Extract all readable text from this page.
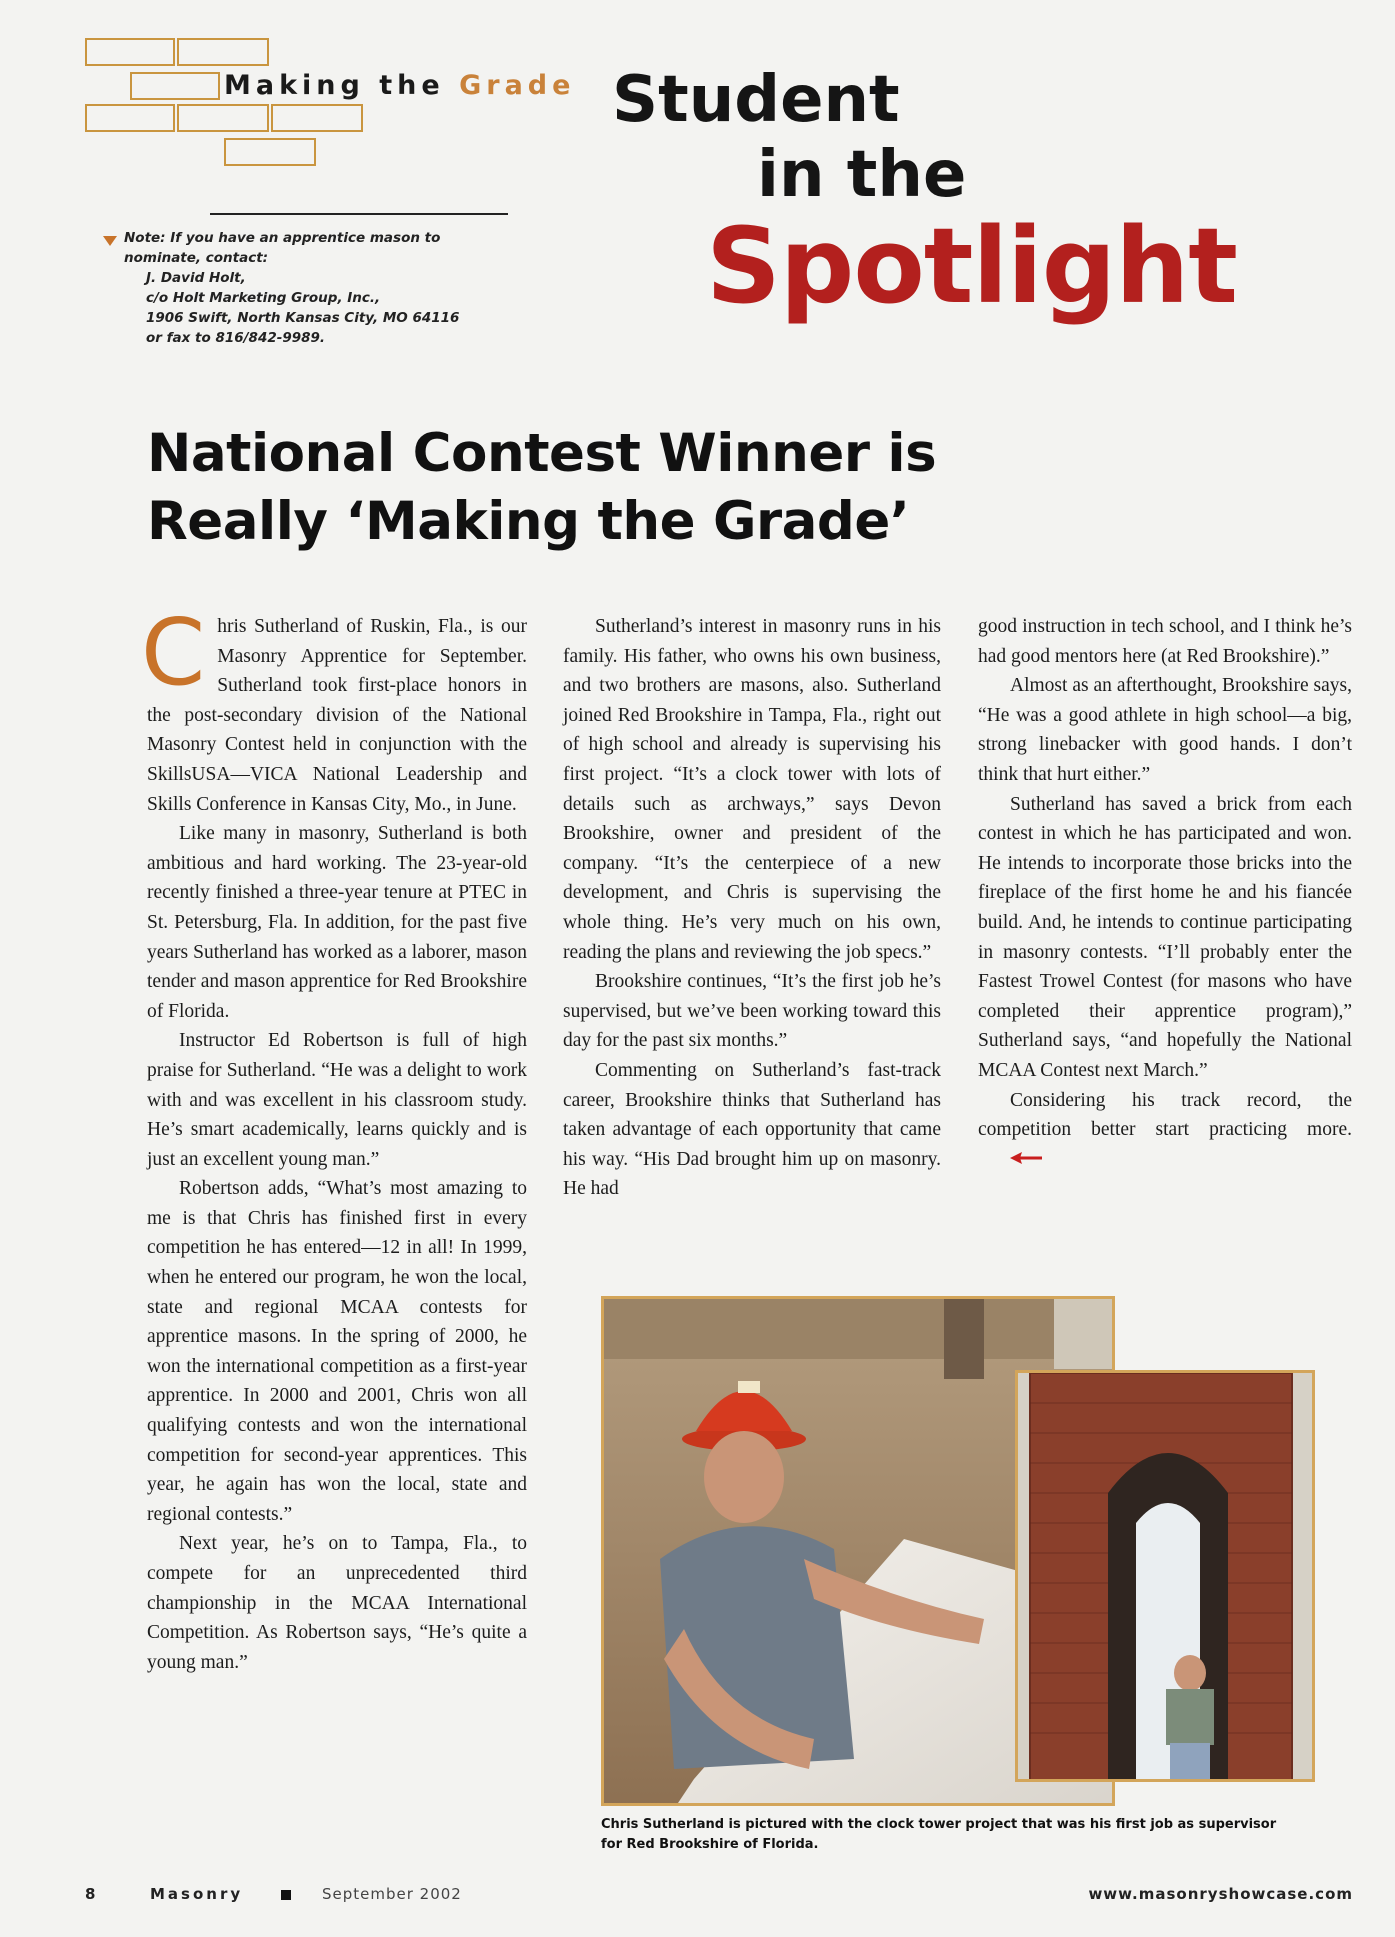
Making the Grade Student
in the
Spotlight
Note: If you have an apprentice mason to
nominate, contact:
J. David Holt,
c/o Holt Marketing Group, Inc.,
1906 Swift, North Kansas City, MO 64116
or fax to 816/842-9989.
National Contest Winner is
Really ‘Making the Grade’

Chris Sutherland of Ruskin, Fla., is our Masonry Apprentice for September. Sutherland took first-place honors in the post-secondary division of the National Masonry Contest held in conjunction with the SkillsUSA—VICA National Leadership and Skills Conference in Kansas City, Mo., in June.

Like many in masonry, Sutherland is both ambitious and hard working. The 23-year-old recently finished a three-year tenure at PTEC in St. Petersburg, Fla. In addition, for the past five years Sutherland has worked as a laborer, mason tender and mason apprentice for Red Brookshire of Florida.

Instructor Ed Robertson is full of high praise for Sutherland. “He was a delight to work with and was excellent in his classroom study. He’s smart academically, learns quickly and is just an excellent young man.”

Robertson adds, “What’s most amazing to me is that Chris has finished first in every competition he has entered—12 in all! In 1999, when he entered our program, he won the local, state and regional MCAA contests for apprentice masons. In the spring of 2000, he won the international competition as a first-year apprentice. In 2000 and 2001, Chris won all qualifying contests and won the international competition for second-year apprentices. This year, he again has won the local, state and regional contests.”

Next year, he’s on to Tampa, Fla., to compete for an unprecedented third championship in the MCAA International Competition. As Robertson says, “He’s quite a young man.”

Sutherland’s interest in masonry runs in his family. His father, who owns his own business, and two brothers are masons, also. Sutherland joined Red Brookshire in Tampa, Fla., right out of high school and already is supervising his first project. “It’s a clock tower with lots of details such as archways,” says Devon Brookshire, owner and president of the company. “It’s the centerpiece of a new development, and Chris is supervising the whole thing. He’s very much on his own, reading the plans and reviewing the job specs.”

Brookshire continues, “It’s the first job he’s supervised, but we’ve been working toward this day for the past six months.”

Commenting on Sutherland’s fast-track career, Brookshire thinks that Sutherland has taken advantage of each opportunity that came his way. “His Dad brought him up on masonry. He had

good instruction in tech school, and I think he’s had good mentors here (at Red Brookshire).”

Almost as an afterthought, Brookshire says, “He was a good athlete in high school—a big, strong linebacker with good hands. I don’t think that hurt either.”

Sutherland has saved a brick from each contest in which he has participated and won. He intends to incorporate those bricks into the fireplace of the first home he and his fiancée build. And, he intends to continue participating in masonry contests. “I’ll probably enter the Fastest Trowel Contest (for masons who have completed their apprentice program),” Sutherland says, “and hopefully the National MCAA Contest next March.”

Considering his track record, the competition better start practicing more.

Chris Sutherland is pictured with the clock tower project that was his first job as supervisor for Red Brookshire of Florida.
8	Masonry	September 2002	www.masonryshowcase.com
